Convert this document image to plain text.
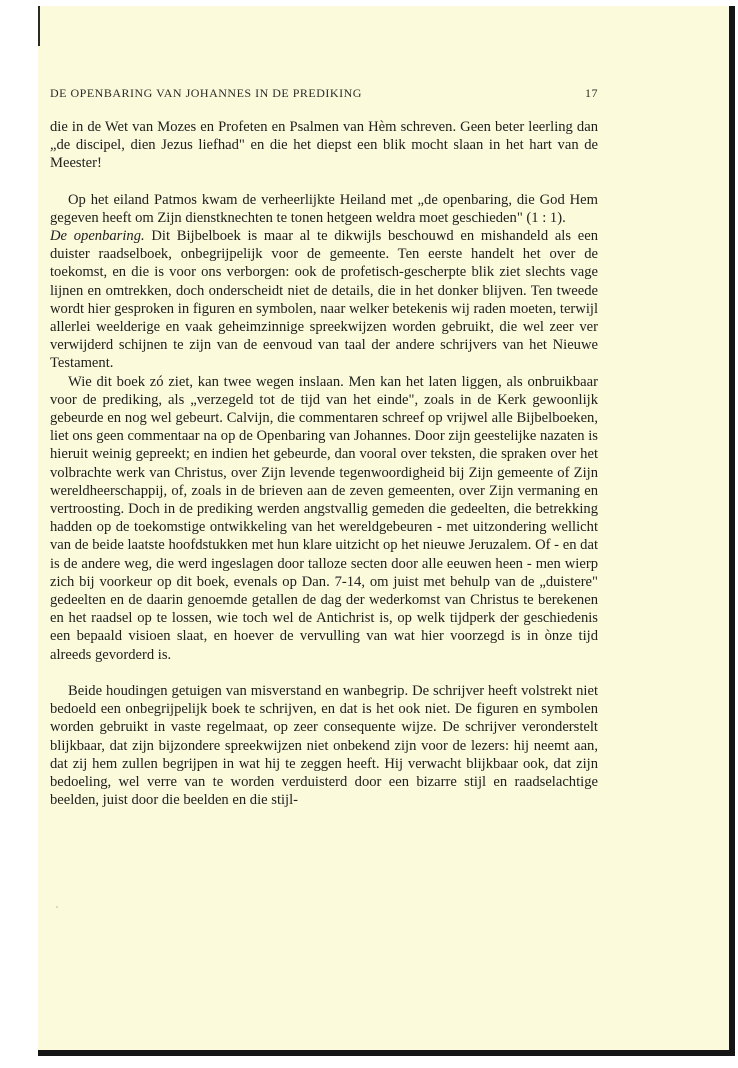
DE OPENBARING VAN JOHANNES IN DE PREDIKING	17

die in de Wet van Mozes en Profeten en Psalmen van Hèm schreven. Geen beter leerling dan „de discipel, dien Jezus liefhad" en die het diepst een blik mocht slaan in het hart van de Meester!

Op het eiland Patmos kwam de verheerlijkte Heiland met „de openbaring, die God Hem gegeven heeft om Zijn dienstknechten te tonen hetgeen weldra moet geschieden" (1 : 1).

De openbaring. Dit Bijbelboek is maar al te dikwijls beschouwd en mishandeld als een duister raadselboek, onbegrijpelijk voor de gemeente. Ten eerste handelt het over de toekomst, en die is voor ons verborgen: ook de profetisch-gescherpte blik ziet slechts vage lijnen en omtrekken, doch onderscheidt niet de details, die in het donker blijven. Ten tweede wordt hier gesproken in figuren en symbolen, naar welker betekenis wij raden moeten, terwijl allerlei weelderige en vaak geheimzinnige spreekwijzen worden gebruikt, die wel zeer ver verwijderd schijnen te zijn van de eenvoud van taal der andere schrijvers van het Nieuwe Testament.

Wie dit boek zó ziet, kan twee wegen inslaan. Men kan het laten liggen, als onbruikbaar voor de prediking, als „verzegeld tot de tijd van het einde", zoals in de Kerk gewoonlijk gebeurde en nog wel gebeurt. Calvijn, die commentaren schreef op vrijwel alle Bijbelboeken, liet ons geen commentaar na op de Openbaring van Johannes. Door zijn geestelijke nazaten is hieruit weinig gepreekt; en indien het gebeurde, dan vooral over teksten, die spraken over het volbrachte werk van Christus, over Zijn levende tegenwoordigheid bij Zijn gemeente of Zijn wereldheerschappij, of, zoals in de brieven aan de zeven gemeenten, over Zijn vermaning en vertroosting. Doch in de prediking werden angstvallig gemeden die gedeelten, die betrekking hadden op de toekomstige ontwikkeling van het wereldgebeuren - met uitzondering wellicht van de beide laatste hoofdstukken met hun klare uitzicht op het nieuwe Jeruzalem. Of - en dat is de andere weg, die werd ingeslagen door talloze secten door alle eeuwen heen - men wierp zich bij voorkeur op dit boek, evenals op Dan. 7-14, om juist met behulp van de „duistere" gedeelten en de daarin genoemde getallen de dag der wederkomst van Christus te berekenen en het raadsel op te lossen, wie toch wel de Antichrist is, op welk tijdperk der geschiedenis een bepaald visioen slaat, en hoever de vervulling van wat hier voorzegd is in ònze tijd alreeds gevorderd is.

Beide houdingen getuigen van misverstand en wanbegrip. De schrijver heeft volstrekt niet bedoeld een onbegrijpelijk boek te schrijven, en dat is het ook niet. De figuren en symbolen worden gebruikt in vaste regelmaat, op zeer consequente wijze. De schrijver veronderstelt blijkbaar, dat zijn bijzondere spreekwijzen niet onbekend zijn voor de lezers: hij neemt aan, dat zij hem zullen begrijpen in wat hij te zeggen heeft. Hij verwacht blijkbaar ook, dat zijn bedoeling, wel verre van te worden verduisterd door een bizarre stijl en raadselachtige beelden, juist door die beelden en die stijl-
